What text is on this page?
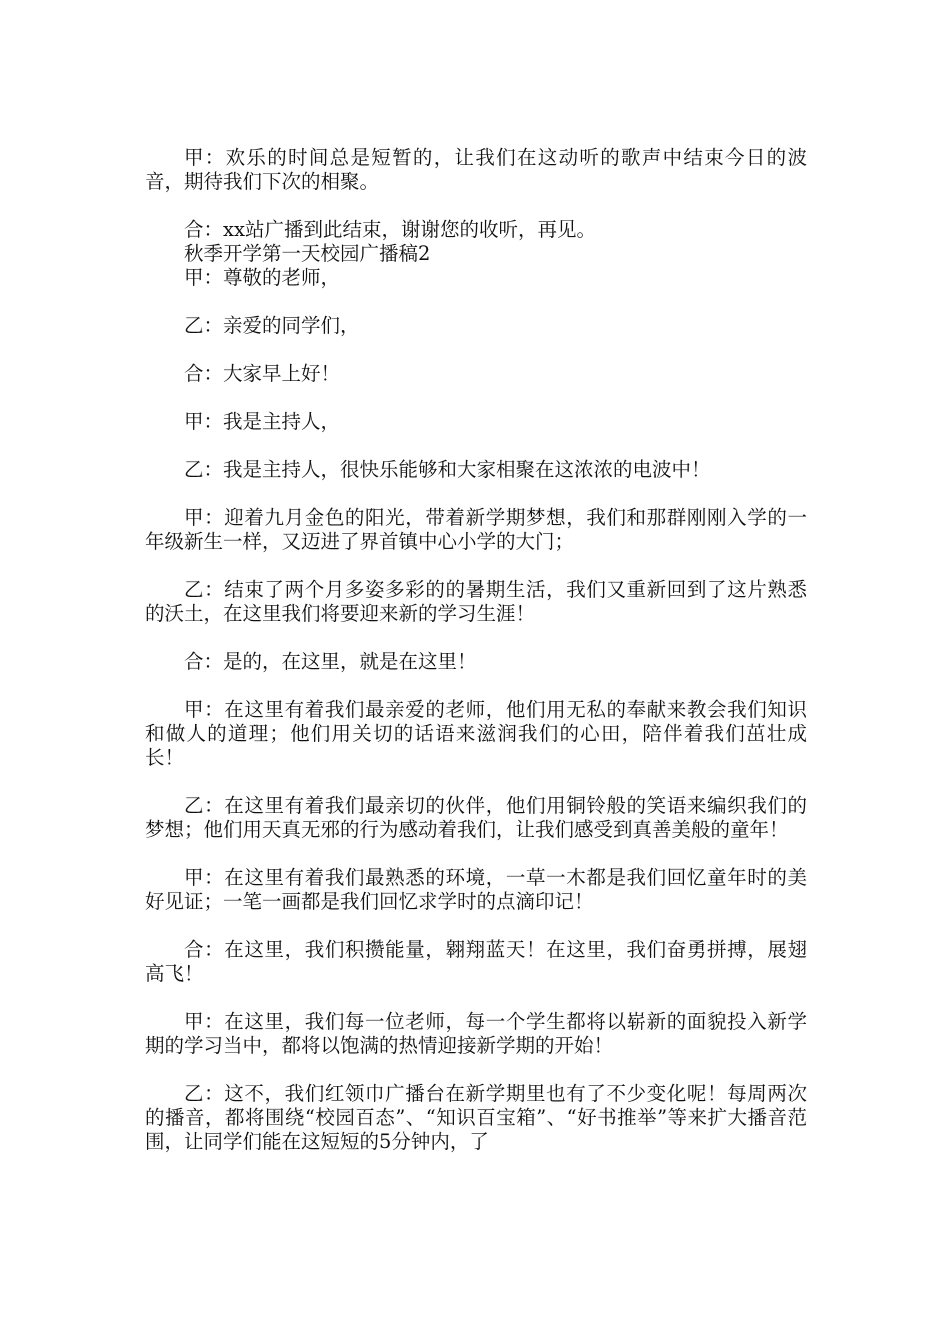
甲：欢乐的时间总是短暂的，让我们在这动听的歌声中结束今日的波音，期待我们下次的相聚。

合：xx站广播到此结束，谢谢您的收听，再见。

秋季开学第一天校园广播稿2

甲：尊敬的老师，

乙：亲爱的同学们，

合：大家早上好！

甲：我是主持人，

乙：我是主持人，很快乐能够和大家相聚在这浓浓的电波中！

甲：迎着九月金色的阳光，带着新学期梦想，我们和那群刚刚入学的一年级新生一样，又迈进了界首镇中心小学的大门；

乙：结束了两个月多姿多彩的的暑期生活，我们又重新回到了这片熟悉的沃土，在这里我们将要迎来新的学习生涯！

合：是的，在这里，就是在这里！

甲：在这里有着我们最亲爱的老师，他们用无私的奉献来教会我们知识和做人的道理；他们用关切的话语来滋润我们的心田，陪伴着我们茁壮成长！

乙：在这里有着我们最亲切的伙伴，他们用铜铃般的笑语来编织我们的梦想；他们用天真无邪的行为感动着我们，让我们感受到真善美般的童年！

甲：在这里有着我们最熟悉的环境，一草一木都是我们回忆童年时的美好见证；一笔一画都是我们回忆求学时的点滴印记！

合：在这里，我们积攒能量，翱翔蓝天！在这里，我们奋勇拼搏，展翅高飞！

甲：在这里，我们每一位老师，每一个学生都将以崭新的面貌投入新学期的学习当中，都将以饱满的热情迎接新学期的开始！

乙：这不，我们红领巾广播台在新学期里也有了不少变化呢！每周两次的播音，都将围绕“校园百态”、“知识百宝箱”、“好书推举”等来扩大播音范围，让同学们能在这短短的5分钟内，了
